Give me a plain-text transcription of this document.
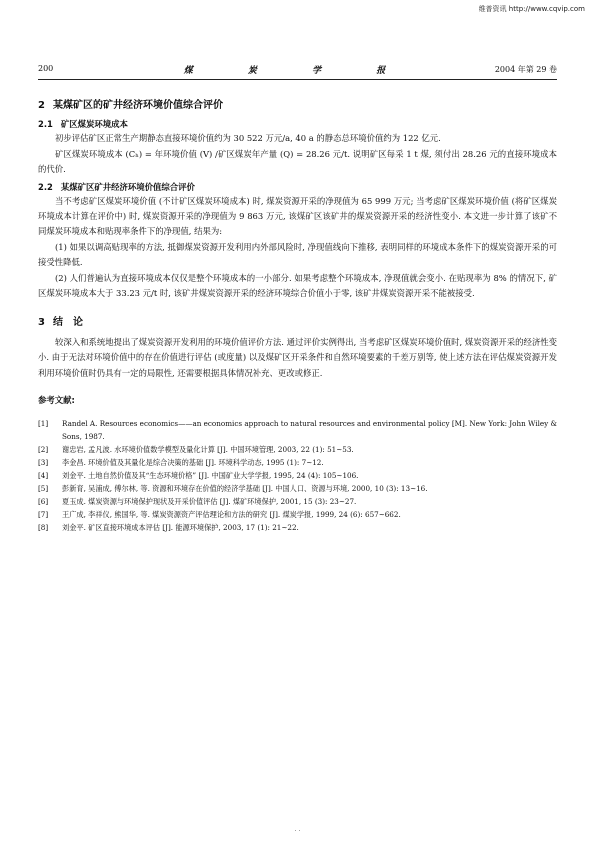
维普资讯 http://www.cqvip.com
200	煤 炭 学 报	2004 年第 29 卷
2 某煤矿区的矿井经济环境价值综合评价
2.1 矿区煤炭环境成本

初步评估矿区正常生产期静态直接环境价值约为 30 522 万元/a, 40 a 的静态总环境价值约为 122 亿元.

矿区煤炭环境成本 (Cₕ) = 年环境价值 (V) /矿区煤炭年产量 (Q) = 28.26 元/t. 说明矿区每采 1 t 煤, 须付出 28.26 元的直接环境成本的代价.

2.2 某煤矿区矿井经济环境价值综合评价

当不考虑矿区煤炭环境价值 (不计矿区煤炭环境成本) 时, 煤炭资源开采的净现值为 65 999 万元; 当考虑矿区煤炭环境价值 (将矿区煤炭环境成本计算在评价中) 时, 煤炭资源开采的净现值为 9 863 万元, 该煤矿区该矿井的煤炭资源开采的经济性变小. 本文进一步计算了该矿不同煤炭环境成本和贴现率条件下的净现值, 结果为:

(1) 如果以调高贴现率的方法, 抵御煤炭资源开发利用内外部风险时, 净现值线向下推移, 表明同样的环境成本条件下的煤炭资源开采的可接受性降低.

(2) 人们普遍认为直接环境成本仅仅是整个环境成本的一小部分. 如果考虑整个环境成本, 净现值就会变小. 在贴现率为 8% 的情况下, 矿区煤炭环境成本大于 33.23 元/t 时, 该矿井煤炭资源开采的经济环境综合价值小于零, 该矿井煤炭资源开采不能被接受.

3 结　论

较深入和系统地提出了煤炭资源开发利用的环境价值评价方法. 通过评价实例得出, 当考虑矿区煤炭环境价值时, 煤炭资源开采的经济性变小. 由于无法对环境价值中的存在价值进行评估 (或度量) 以及煤矿区开采条件和自然环境要素的千差万别等, 使上述方法在评估煤炭资源开发利用环境价值时仍具有一定的局限性, 还需要根据具体情况补充、更改或修正.

参考文献:
[1]	Randel A. Resources economics——an economics approach to natural resources and environmental policy [M]. New York: John Wiley & Sons, 1987.
[2]	谢忠岩, 孟凡波. 水环境价值数学模型及量化计算 [J]. 中国环境管理, 2003, 22 (1): 51~53.
[3]	李金昌. 环境价值及其量化是综合决策的基础 [J]. 环境科学动态, 1995 (1): 7~12.
[4]	刘金平. 土地自然价值及其“生态环境价格” [J]. 中国矿业大学学报, 1995, 24 (4): 105~106.
[5]	彭新育, 吴浦成, 傅尔林, 等. 资源和环境存在价值的经济学基础 [J]. 中国人口、资源与环境, 2000, 10 (3): 13~16.
[6]	夏玉成. 煤炭资源与环境保护现状及开采价值评估 [J]. 煤矿环境保护, 2001, 15 (3): 23~27.
[7]	王广成, 李祥仪, 熊国华, 等. 煤炭资源资产评估理论和方法的研究 [J]. 煤炭学报, 1999, 24 (6): 657~662.
[8]	刘金平. 矿区直接环境成本评估 [J]. 能源环境保护, 2003, 17 (1): 21~22.
· ·
